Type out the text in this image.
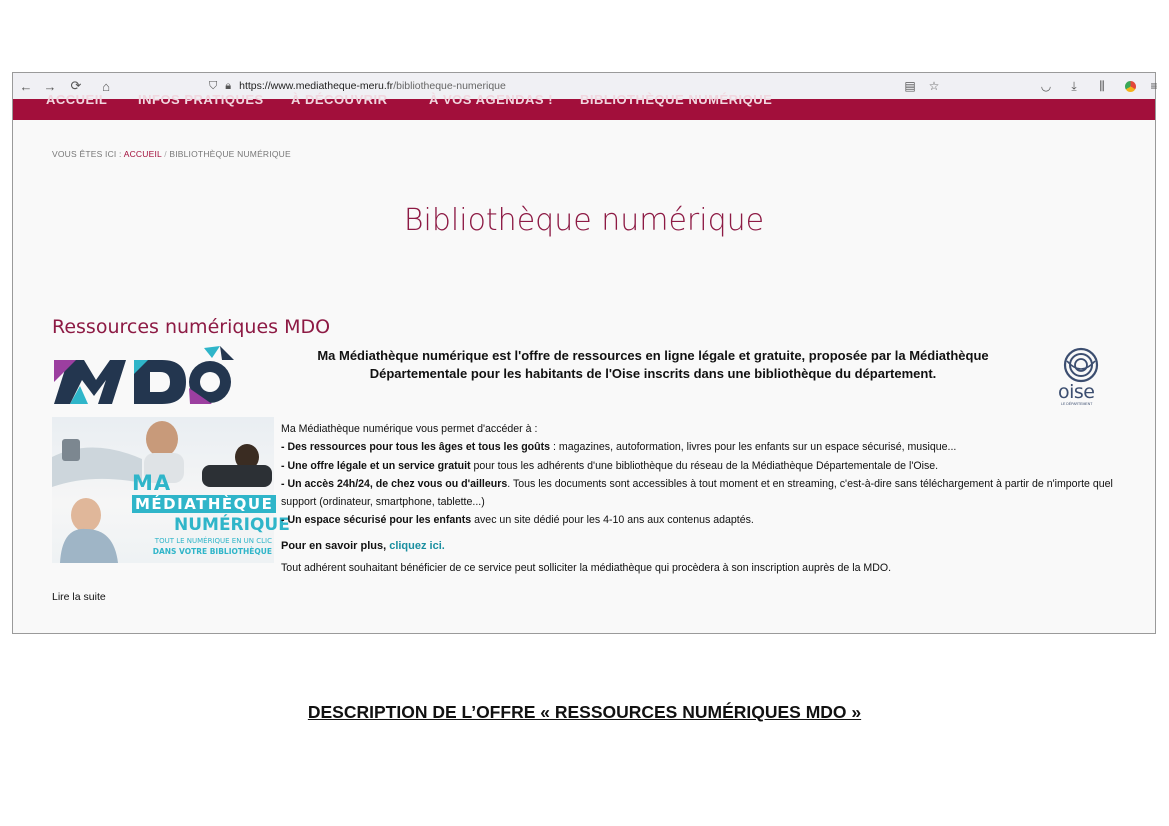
← → ⟳	⌂	⛉ 🔒︎ https://www.mediatheque-meru.fr/bibliotheque-numerique	▤	☆	◡	⤓	⫼	≡
ACCUEIL INFOS PRATIQUES À DÉCOUVRIR	À VOS AGENDAS ! BIBLIOTHÈQUE NUMÉRIQUE
VOUS ÊTES ICI : ACCUEIL / BIBLIOTHÈQUE NUMÉRIQUE
Bibliothèque numérique
Ressources numériques MDO
Ma Médiathèque numérique est l'offre de ressources en ligne légale et gratuite, proposée par la Médiathèque
Départementale pour les habitants de l'Oise inscrits dans une bibliothèque du département.
oise
LE DÉPARTEMENT
MA
MÉDIATHÈQUE
NUMÉRIQUE
TOUT LE NUMÉRIQUE EN UN CLIC
DANS VOTRE BIBLIOTHÈQUE

Ma Médiathèque numérique vous permet d'accéder à :

- Des ressources pour tous les âges et tous les goûts : magazines, autoformation, livres pour les enfants sur un espace sécurisé, musique...

- Une offre légale et un service gratuit pour tous les adhérents d'une bibliothèque du réseau de la Médiathèque Départementale de l'Oise.

- Un accès 24h/24, de chez vous ou d'ailleurs. Tous les documents sont accessibles à tout moment et en streaming, c'est-à-dire sans téléchargement à partir de n'importe quel support (ordinateur, smartphone, tablette...)

- Un espace sécurisé pour les enfants avec un site dédié pour les 4-10 ans aux contenus adaptés.

Pour en savoir plus, cliquez ici.

Tout adhérent souhaitant bénéficier de ce service peut solliciter la médiathèque qui procèdera à son inscription auprès de la MDO.

Lire la suite
DESCRIPTION DE L’OFFRE « RESSOURCES NUMÉRIQUES MDO »
